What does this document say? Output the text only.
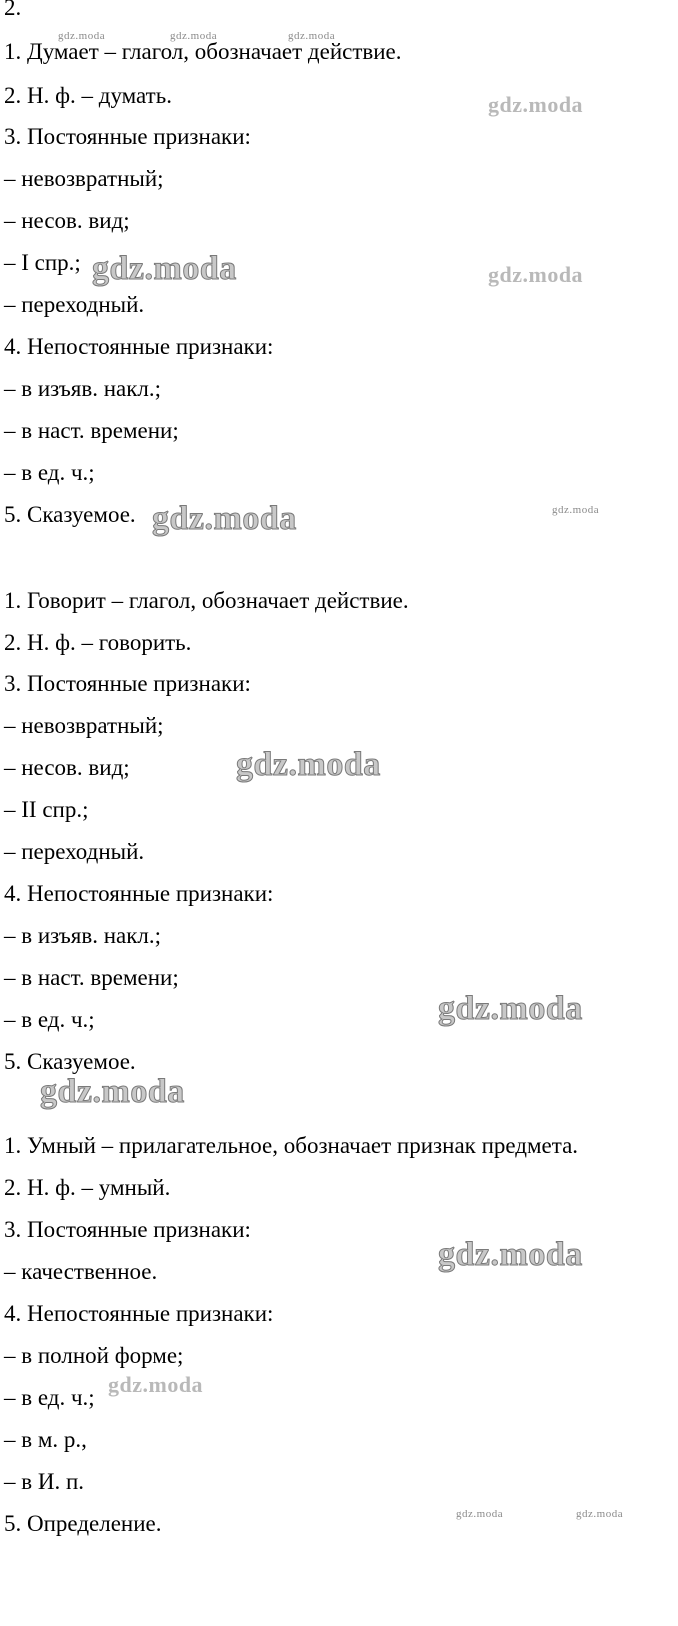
2.
1. Думает – глагол, обозначает действие.
2. Н. ф. – думать.
3. Постоянные признаки:
– невозвратный;
– несов. вид;
– I спр.;
– переходный.
4. Непостоянные признаки:
– в изъяв. накл.;
– в наст. времени;
– в ед. ч.;
5. Сказуемое.
1. Говорит – глагол, обозначает действие.
2. Н. ф. – говорить.
3. Постоянные признаки:
– невозвратный;
– несов. вид;
– II спр.;
– переходный.
4. Непостоянные признаки:
– в изъяв. накл.;
– в наст. времени;
– в ед. ч.;
5. Сказуемое.
1. Умный – прилагательное, обозначает признак предмета.
2. Н. ф. – умный.
3. Постоянные признаки:
– качественное.
4. Непостоянные признаки:
– в полной форме;
– в ед. ч.;
– в м. р.,
– в И. п.
5. Определение.
gdz.moda	gdz.moda	gdz.moda
gdz.moda
gdz.moda	gdz.moda
gdz.moda
gdz.moda
gdz.moda
gdz.moda
gdz.moda
gdz.moda
gdz.moda
gdz.moda	gdz.moda
